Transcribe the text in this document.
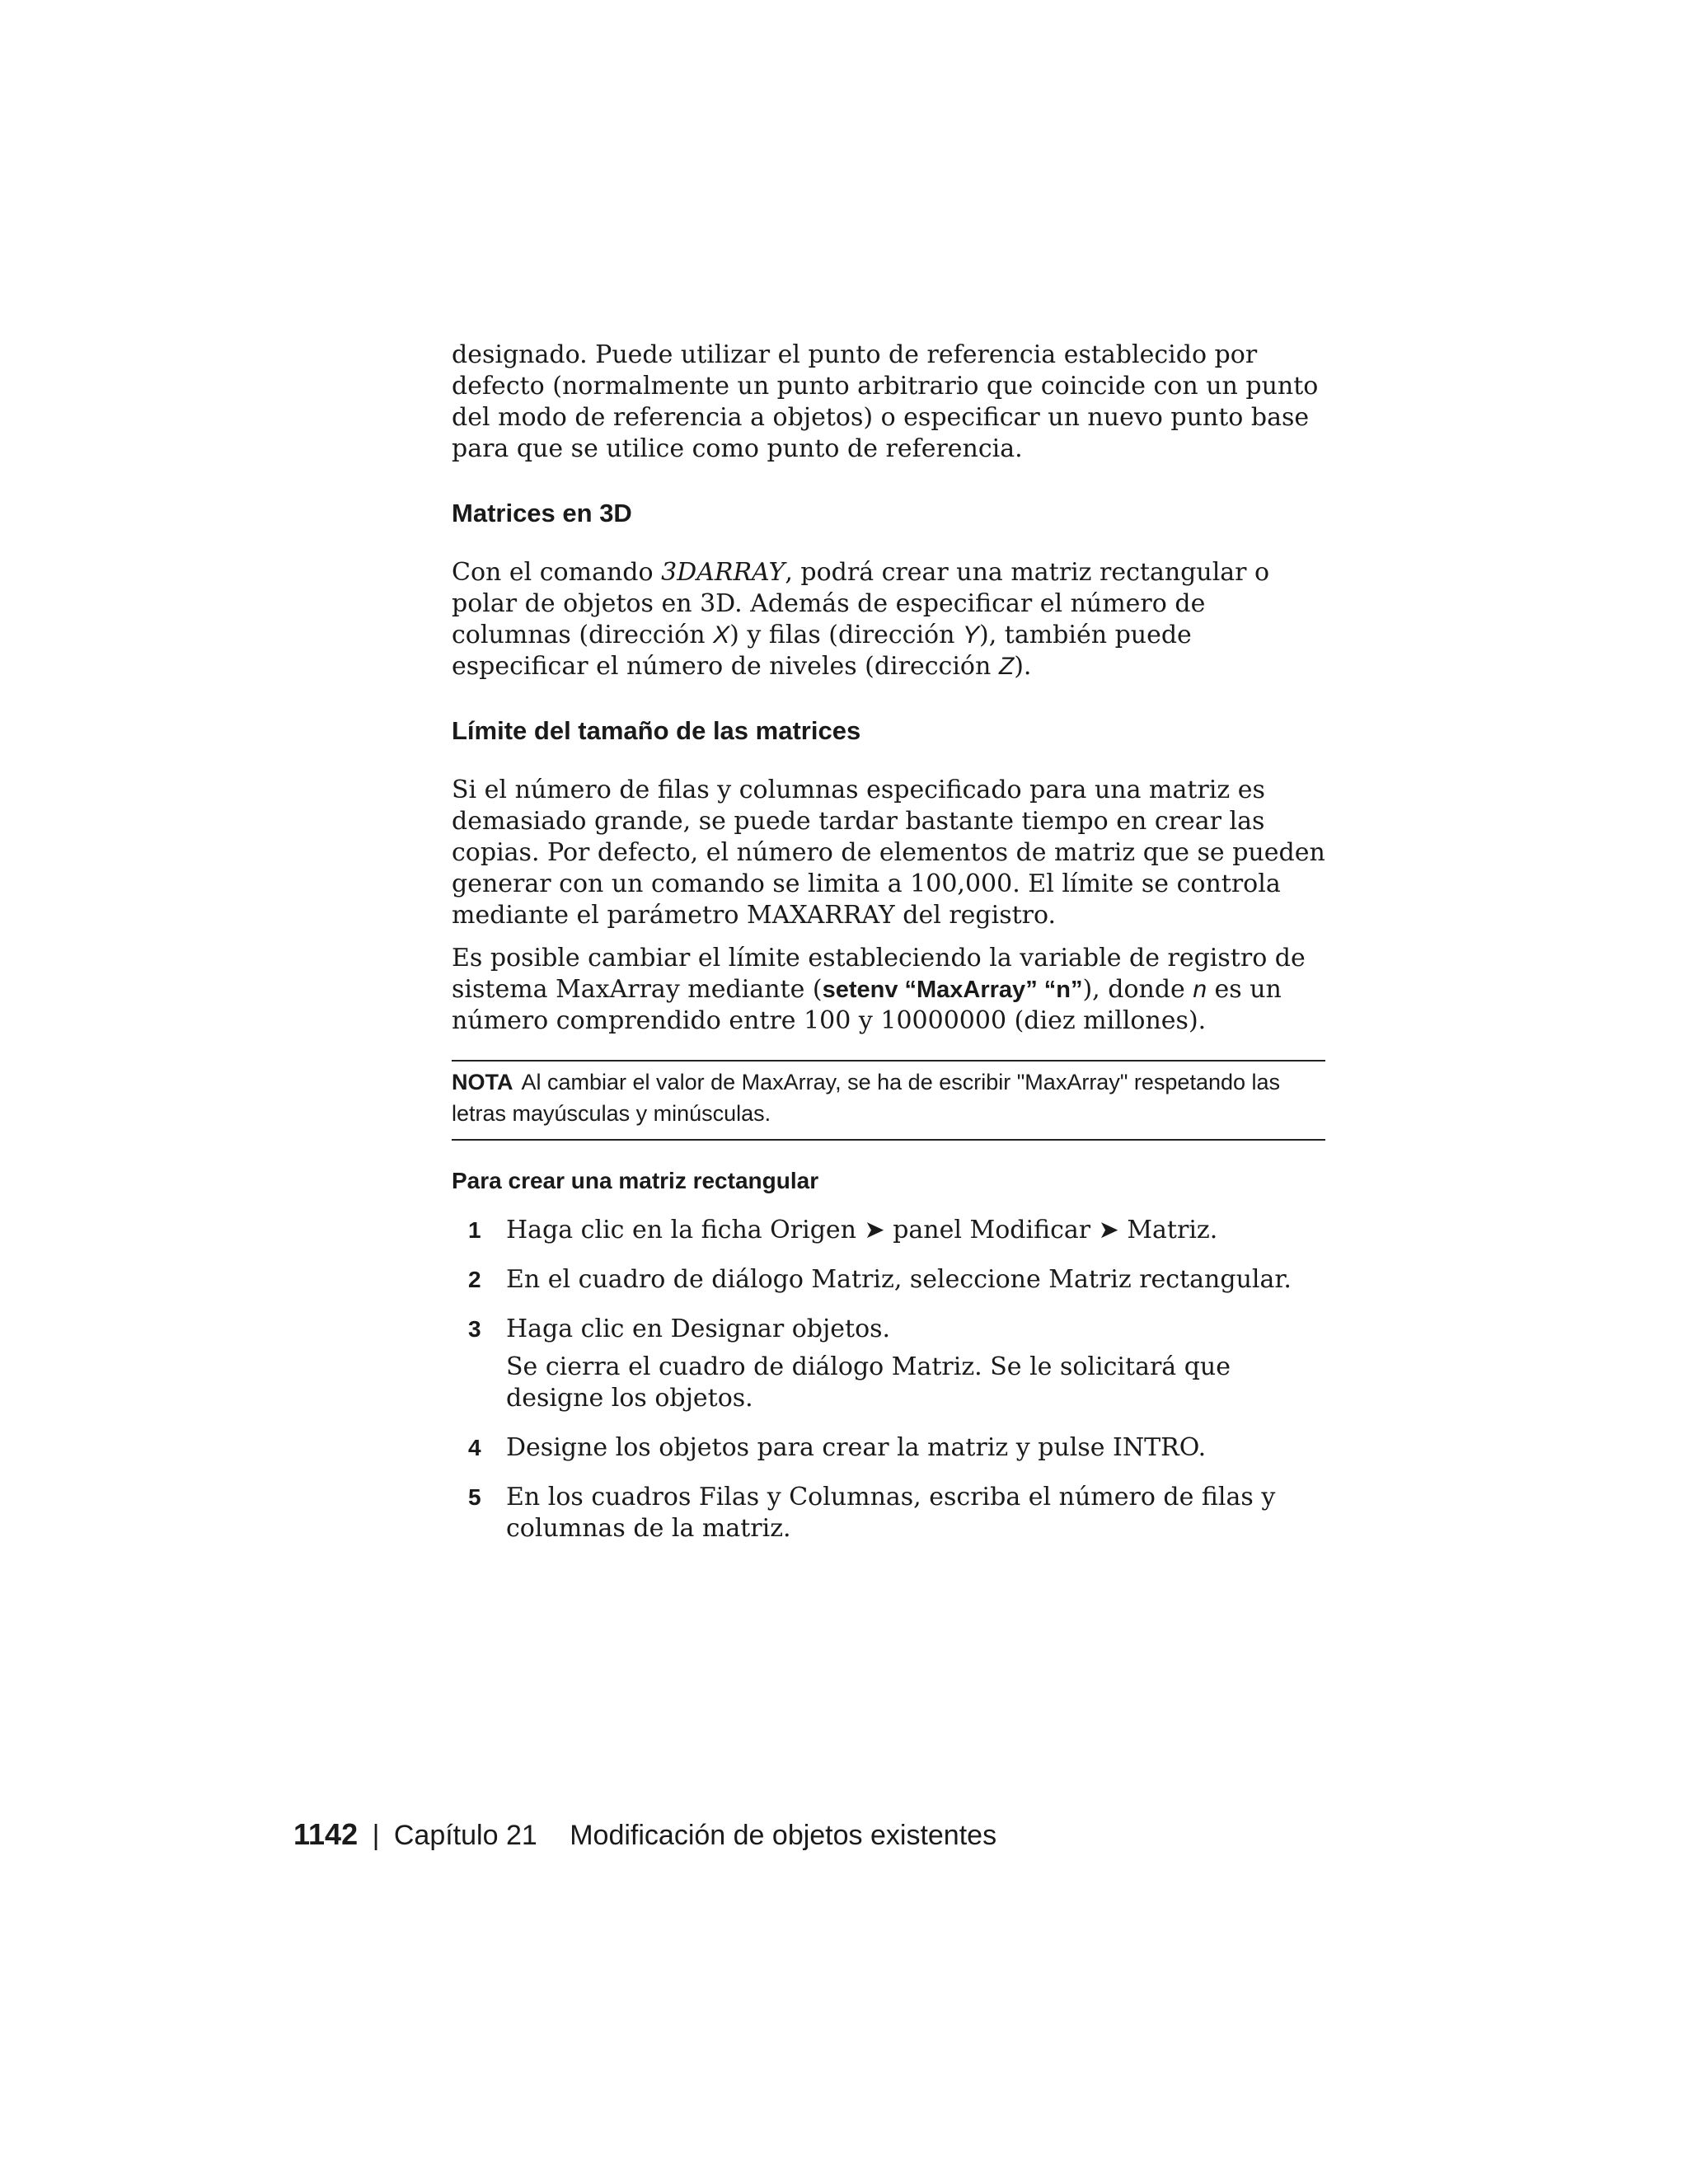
designado. Puede utilizar el punto de referencia establecido por defecto (normalmente un punto arbitrario que coincide con un punto del modo de referencia a objetos) o especificar un nuevo punto base para que se utilice como punto de referencia.

Matrices en 3D

Con el comando 3DARRAY, podrá crear una matriz rectangular o polar de objetos en 3D. Además de especificar el número de columnas (dirección X) y filas (dirección Y), también puede especificar el número de niveles (dirección Z).

Límite del tamaño de las matrices

Si el número de filas y columnas especificado para una matriz es demasiado grande, se puede tardar bastante tiempo en crear las copias. Por defecto, el número de elementos de matriz que se pueden generar con un comando se limita a 100,000. El límite se controla mediante el parámetro MAXARRAY del registro.

Es posible cambiar el límite estableciendo la variable de registro de sistema MaxArray mediante (setenv “MaxArray” “n”), donde n es un número comprendido entre 100 y 10000000 (diez millones).

NOTA Al cambiar el valor de MaxArray, se ha de escribir "MaxArray" respetando las letras mayúsculas y minúsculas.
Para crear una matriz rectangular
1 Haga clic en la ficha Origen ➤ panel Modificar ➤ Matriz.
2 En el cuadro de diálogo Matriz, seleccione Matriz rectangular.
3 Haga clic en Designar objetos.
Se cierra el cuadro de diálogo Matriz. Se le solicitará que designe los objetos.
4 Designe los objetos para crear la matriz y pulse INTRO.
5 En los cuadros Filas y Columnas, escriba el número de filas y columnas de la matriz.
1142 | Capítulo 21 Modificación de objetos existentes
